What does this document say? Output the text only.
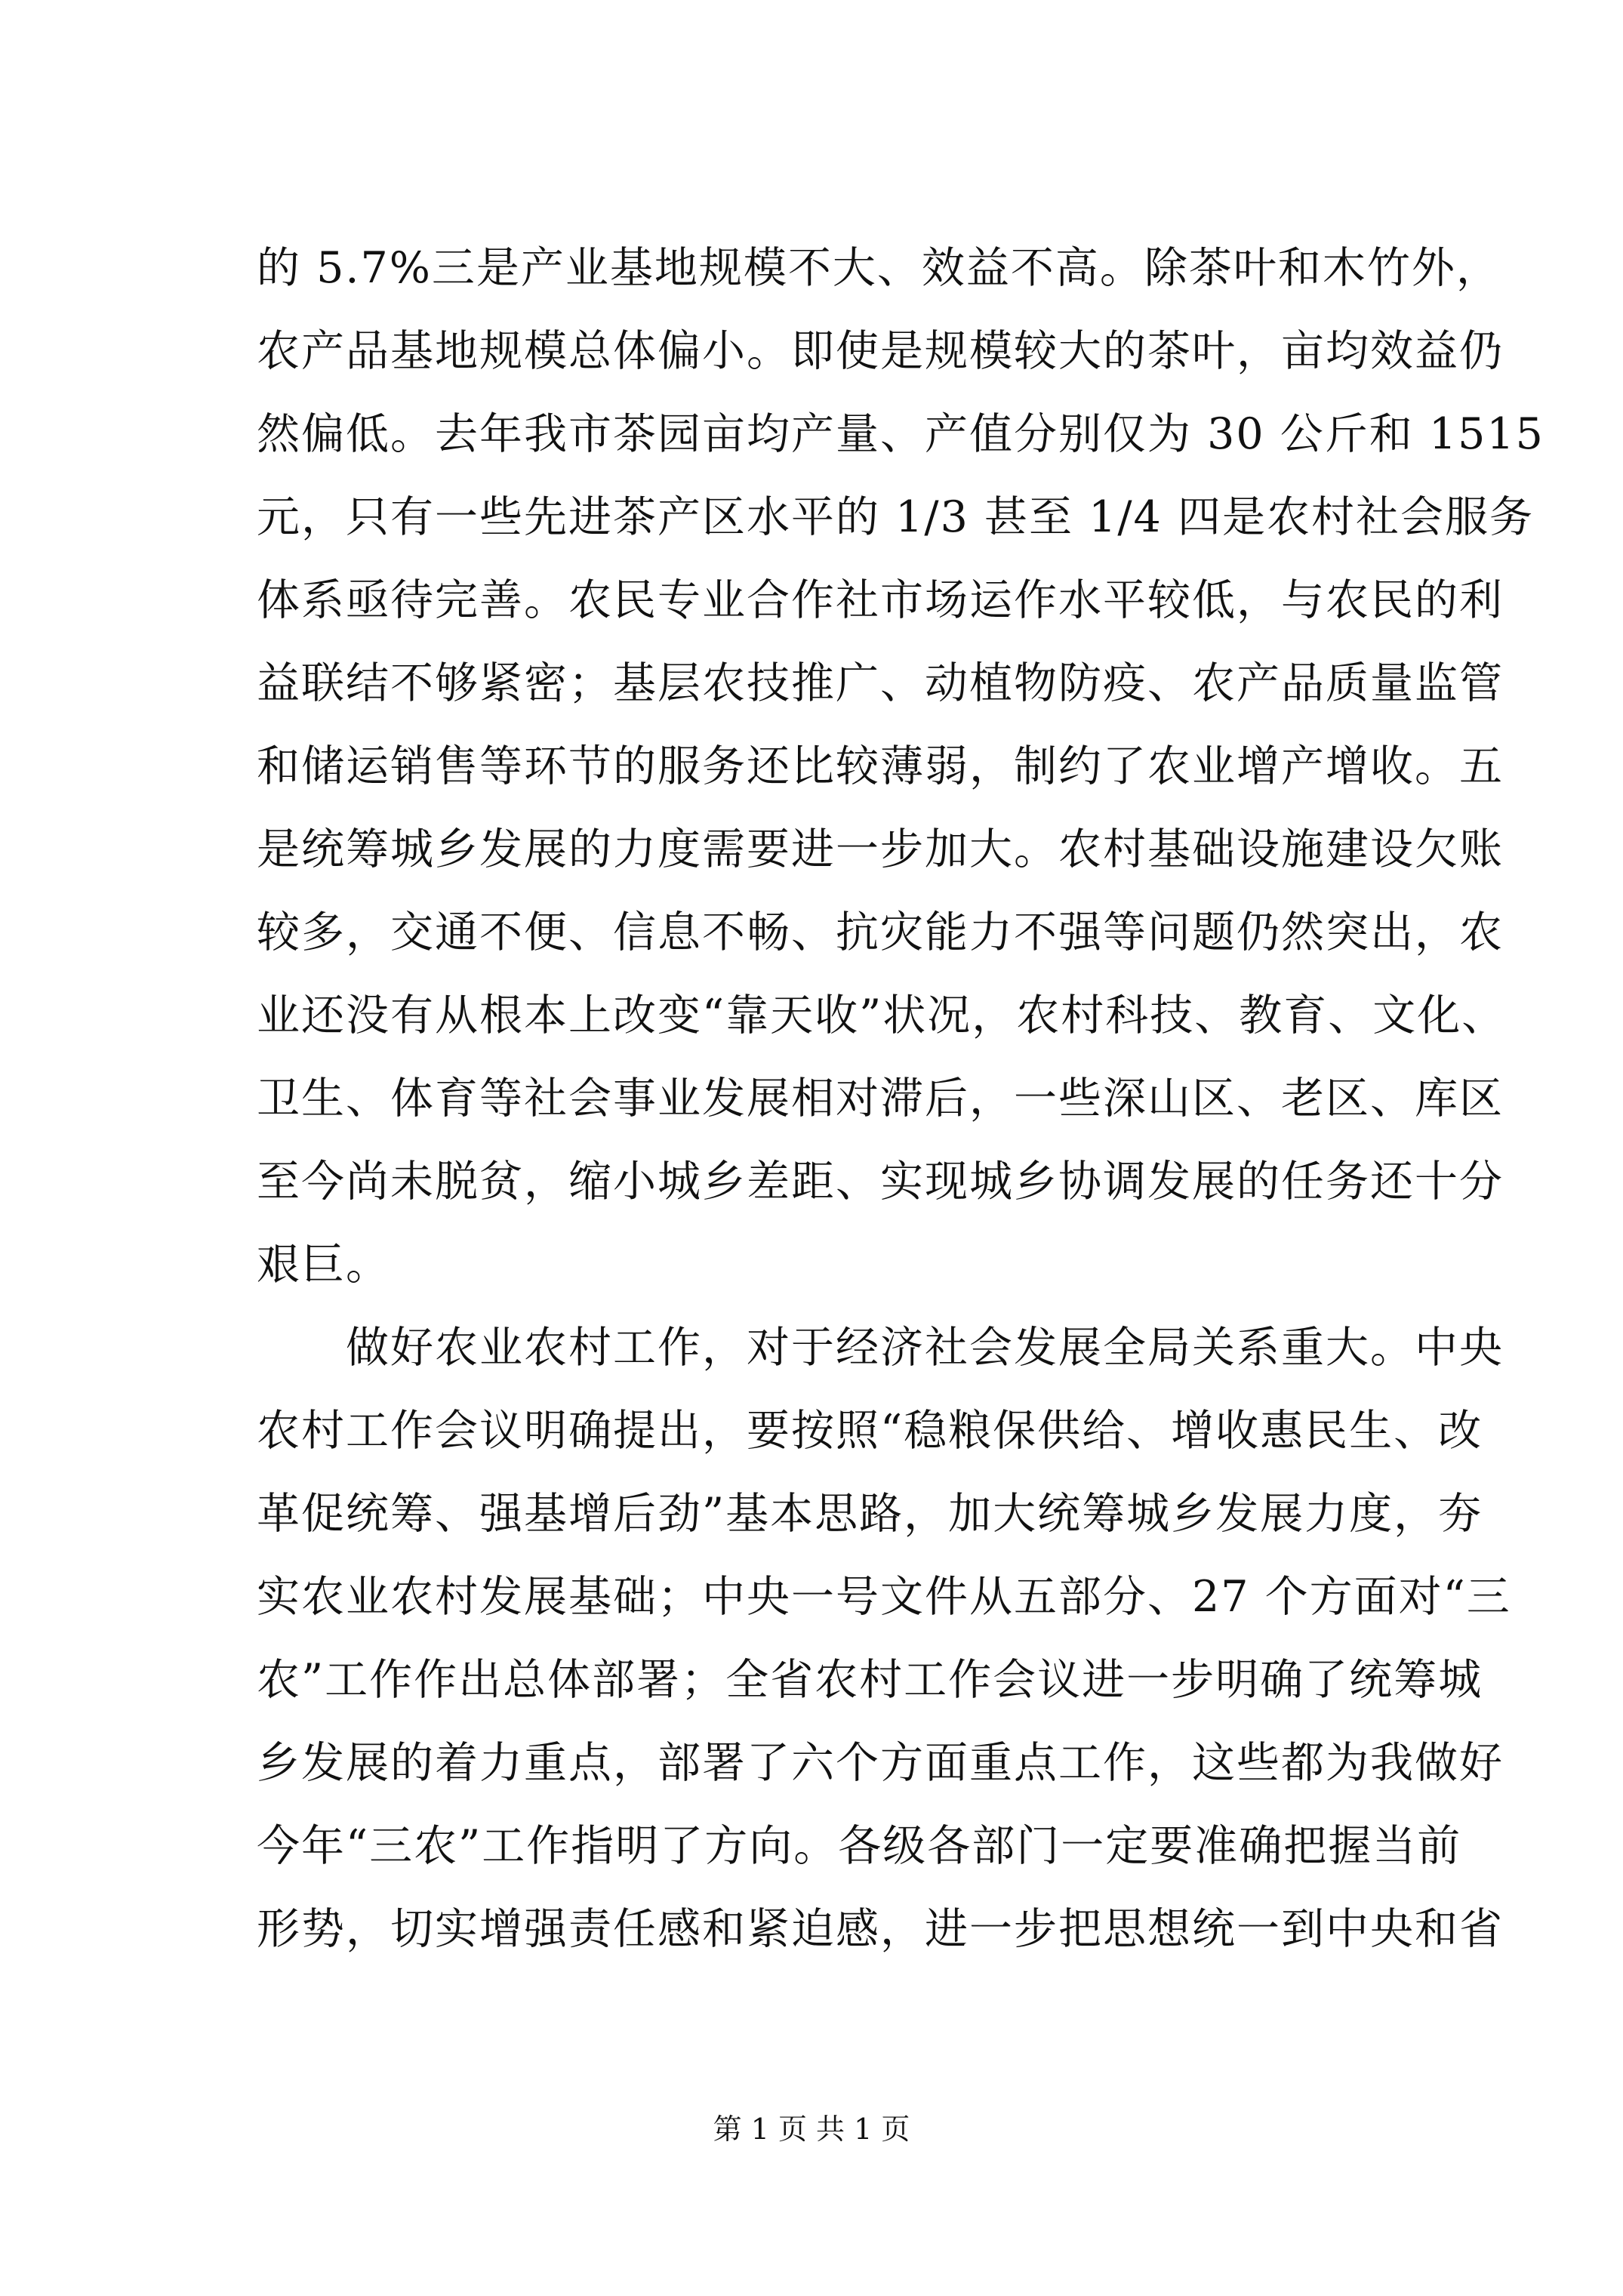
的 5.7%三是产业基地规模不大、效益不高。除茶叶和木竹外，
农产品基地规模总体偏小。即使是规模较大的茶叶，亩均效益仍
然偏低。去年我市茶园亩均产量、产值分别仅为 30 公斤和 1515
元，只有一些先进茶产区水平的 1/3 甚至 1/4 四是农村社会服务
体系亟待完善。农民专业合作社市场运作水平较低，与农民的利
益联结不够紧密；基层农技推广、动植物防疫、农产品质量监管
和储运销售等环节的服务还比较薄弱，制约了农业增产增收。五
是统筹城乡发展的力度需要进一步加大。农村基础设施建设欠账
较多，交通不便、信息不畅、抗灾能力不强等问题仍然突出，农
业还没有从根本上改变“靠天收”状况，农村科技、教育、文化、
卫生、体育等社会事业发展相对滞后，一些深山区、老区、库区
至今尚未脱贫，缩小城乡差距、实现城乡协调发展的任务还十分
艰巨。
做好农业农村工作，对于经济社会发展全局关系重大。中央
农村工作会议明确提出，要按照“稳粮保供给、增收惠民生、改
革促统筹、强基增后劲”基本思路，加大统筹城乡发展力度，夯
实农业农村发展基础；中央一号文件从五部分、27 个方面对“三
农”工作作出总体部署；全省农村工作会议进一步明确了统筹城
乡发展的着力重点，部署了六个方面重点工作，这些都为我做好
今年“三农”工作指明了方向。各级各部门一定要准确把握当前
形势，切实增强责任感和紧迫感，进一步把思想统一到中央和省
第 1 页 共 1 页
